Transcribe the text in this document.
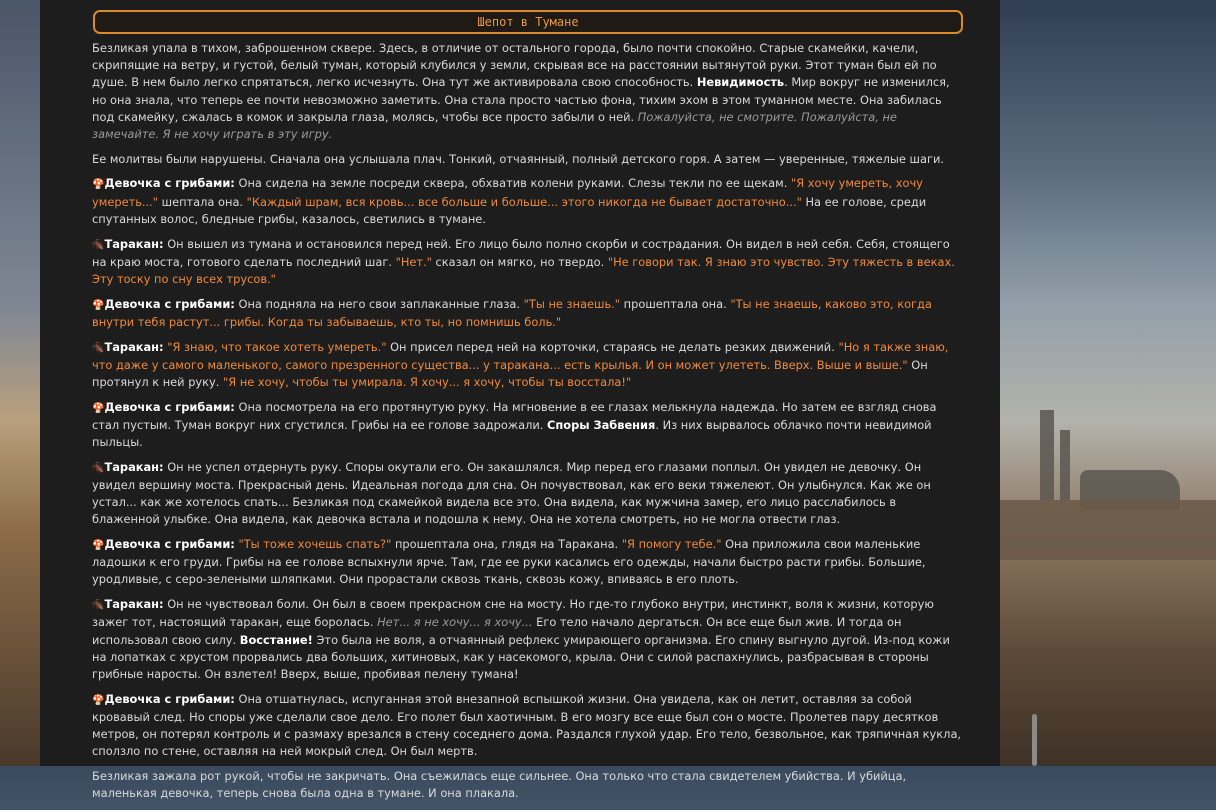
Шепот в Тумане

Безликая упала в тихом, заброшенном сквере. Здесь, в отличие от остального города, было почти спокойно. Старые скамейки, качели, скрипящие на ветру, и густой, белый туман, который клубился у земли, скрывая все на расстоянии вытянутой руки. Этот туман был ей по душе. В нем было легко спрятаться, легко исчезнуть. Она тут же активировала свою способность. Невидимость. Мир вокруг не изменился, но она знала, что теперь ее почти невозможно заметить. Она стала просто частью фона, тихим эхом в этом туманном месте. Она забилась под скамейку, сжалась в комок и закрыла глаза, молясь, чтобы все просто забыли о ней. Пожалуйста, не смотрите. Пожалуйста, не замечайте. Я не хочу играть в эту игру.

Ее молитвы были нарушены. Сначала она услышала плач. Тонкий, отчаянный, полный детского горя. А затем — уверенные, тяжелые шаги.

🍄Девочка с грибами: Она сидела на земле посреди сквера, обхватив колени руками. Слезы текли по ее щекам. "Я хочу умереть, хочу умереть..." шептала она. "Каждый шрам, вся кровь... все больше и больше... этого никогда не бывает достаточно..." На ее голове, среди спутанных волос, бледные грибы, казалось, светились в тумане.

🪳Таракан: Он вышел из тумана и остановился перед ней. Его лицо было полно скорби и сострадания. Он видел в ней себя. Себя, стоящего на краю моста, готового сделать последний шаг. "Нет." сказал он мягко, но твердо. "Не говори так. Я знаю это чувство. Эту тяжесть в веках. Эту тоску по сну всех трусов."

🍄Девочка с грибами: Она подняла на него свои заплаканные глаза. "Ты не знаешь." прошептала она. "Ты не знаешь, каково это, когда внутри тебя растут... грибы. Когда ты забываешь, кто ты, но помнишь боль."

🪳Таракан: "Я знаю, что такое хотеть умереть." Он присел перед ней на корточки, стараясь не делать резких движений. "Но я также знаю, что даже у самого маленького, самого презренного существа... у таракана... есть крылья. И он может улететь. Вверх. Выше и выше." Он протянул к ней руку. "Я не хочу, чтобы ты умирала. Я хочу... я хочу, чтобы ты восстала!"

🍄Девочка с грибами: Она посмотрела на его протянутую руку. На мгновение в ее глазах мелькнула надежда. Но затем ее взгляд снова стал пустым. Туман вокруг них сгустился. Грибы на ее голове задрожали. Споры Забвения. Из них вырвалось облачко почти невидимой пыльцы.

🪳Таракан: Он не успел отдернуть руку. Споры окутали его. Он закашлялся. Мир перед его глазами поплыл. Он увидел не девочку. Он увидел вершину моста. Прекрасный день. Идеальная погода для сна. Он почувствовал, как его веки тяжелеют. Он улыбнулся. Как же он устал... как же хотелось спать... Безликая под скамейкой видела все это. Она видела, как мужчина замер, его лицо расслабилось в блаженной улыбке. Она видела, как девочка встала и подошла к нему. Она не хотела смотреть, но не могла отвести глаз.

🍄Девочка с грибами: "Ты тоже хочешь спать?" прошептала она, глядя на Таракана. "Я помогу тебе." Она приложила свои маленькие ладошки к его груди. Грибы на ее голове вспыхнули ярче. Там, где ее руки касались его одежды, начали быстро расти грибы. Большие, уродливые, с серо-зелеными шляпками. Они прорастали сквозь ткань, сквозь кожу, впиваясь в его плоть.

🪳Таракан: Он не чувствовал боли. Он был в своем прекрасном сне на мосту. Но где-то глубоко внутри, инстинкт, воля к жизни, которую зажег тот, настоящий таракан, еще боролась. Нет... я не хочу... я хочу... Его тело начало дергаться. Он все еще был жив. И тогда он использовал свою силу. Восстание! Это была не воля, а отчаянный рефлекс умирающего организма. Его спину выгнуло дугой. Из-под кожи на лопатках с хрустом прорвались два больших, хитиновых, как у насекомого, крыла. Они с силой распахнулись, разбрасывая в стороны грибные наросты. Он взлетел! Вверх, выше, пробивая пелену тумана!

🍄Девочка с грибами: Она отшатнулась, испуганная этой внезапной вспышкой жизни. Она увидела, как он летит, оставляя за собой кровавый след. Но споры уже сделали свое дело. Его полет был хаотичным. В его мозгу все еще был сон о мосте. Пролетев пару десятков метров, он потерял контроль и с размаху врезался в стену соседнего дома. Раздался глухой удар. Его тело, безвольное, как тряпичная кукла, сползло по стене, оставляя на ней мокрый след. Он был мертв.

Безликая зажала рот рукой, чтобы не закричать. Она съежилась еще сильнее. Она только что стала свидетелем убийства. И убийца, маленькая девочка, теперь снова была одна в тумане. И она плакала.
